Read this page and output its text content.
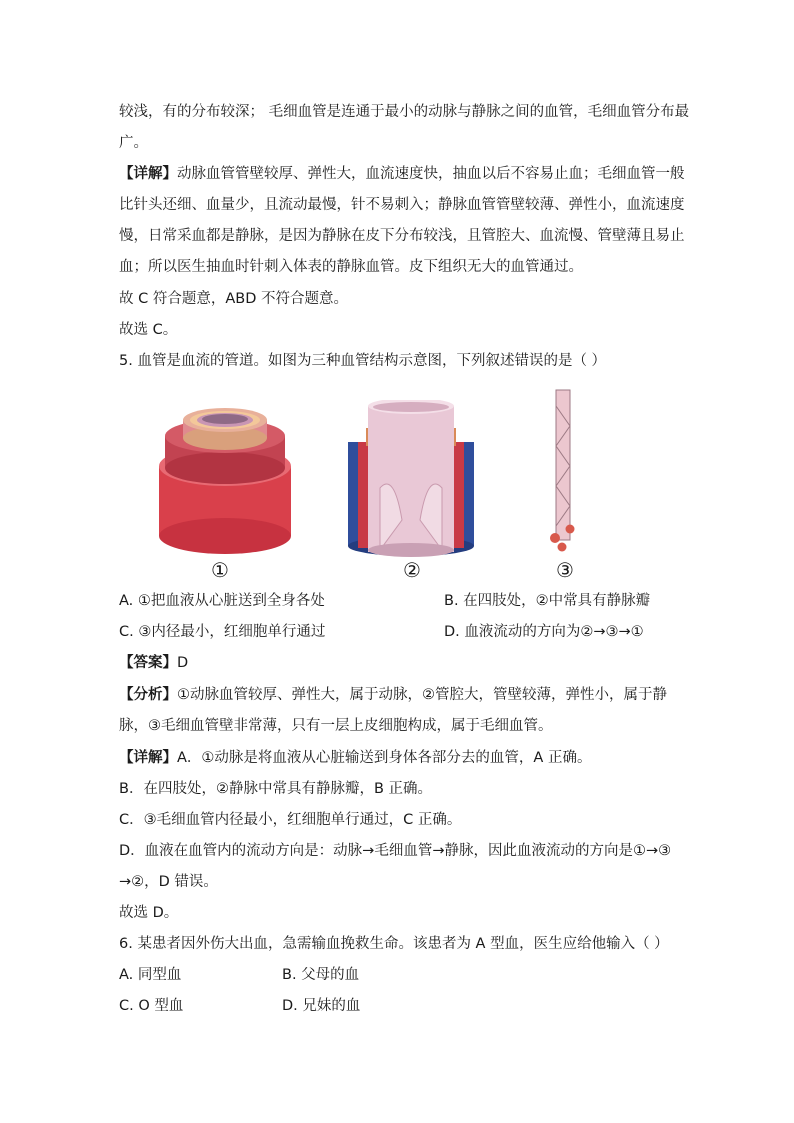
较浅，有的分布较深； 毛细血管是连通于最小的动脉与静脉之间的血管，毛细血管分布最
广。
【详解】动脉血管管壁较厚、弹性大，血流速度快，抽血以后不容易止血；毛细血管一般
比针头还细、血量少，且流动最慢，针不易刺入；静脉血管管壁较薄、弹性小，血流速度
慢，日常采血都是静脉，是因为静脉在皮下分布较浅，且管腔大、血流慢、管壁薄且易止
血；所以医生抽血时针刺入体表的静脉血管。皮下组织无大的血管通过。
故 C 符合题意，ABD 不符合题意。
故选 C。
5. 血管是血流的管道。如图为三种血管结构示意图，下列叙述错误的是（ ）
①	②	③
A. ①把血液从心脏送到全身各处	B. 在四肢处，②中常具有静脉瓣
C. ③内径最小，红细胞单行通过	D. 血液流动的方向为②→③→①
【答案】D
【分析】①动脉血管较厚、弹性大，属于动脉，②管腔大，管壁较薄，弹性小，属于静
脉，③毛细血管壁非常薄，只有一层上皮细胞构成，属于毛细血管。
【详解】A．①动脉是将血液从心脏输送到身体各部分去的血管，A 正确。
B．在四肢处，②静脉中常具有静脉瓣，B 正确。
C．③毛细血管内径最小，红细胞单行通过，C 正确。
D．血液在血管内的流动方向是：动脉→毛细血管→静脉，因此血液流动的方向是①→③
→②，D 错误。
故选 D。
6. 某患者因外伤大出血，急需输血挽救生命。该患者为 A 型血，医生应给他输入（ ）
A. 同型血	B. 父母的血
C. O 型血	D. 兄妹的血
